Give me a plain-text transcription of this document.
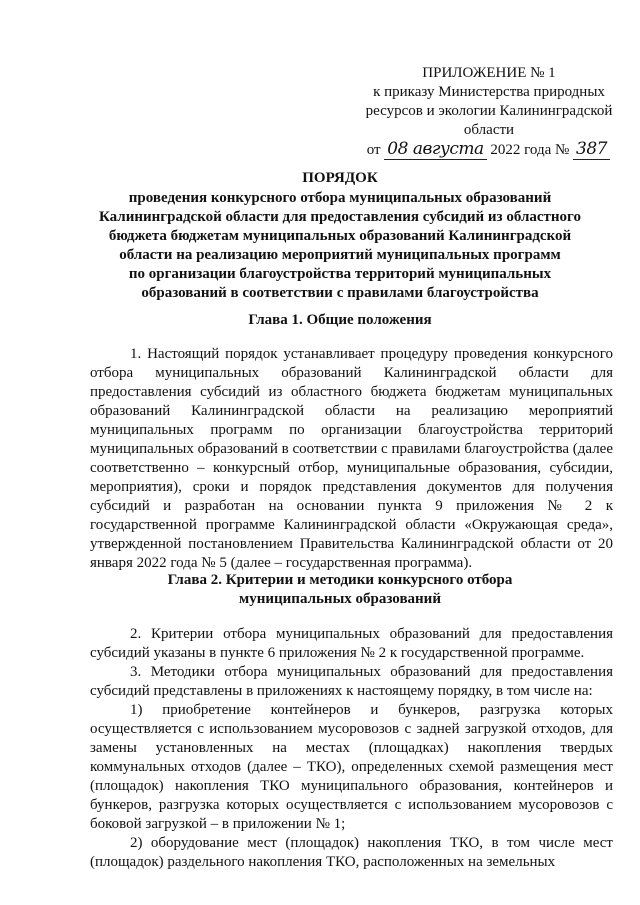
ПРИЛОЖЕНИЕ № 1
к приказу Министерства природных
ресурсов и экологии Калининградской
области
от 08 августа 2022 года № 387
ПОРЯДОК
проведения конкурсного отбора муниципальных образований
Калининградской области для предоставления субсидий из областного
бюджета бюджетам муниципальных образований Калининградской
области на реализацию мероприятий муниципальных программ
по организации благоустройства территорий муниципальных
образований в соответствии с правилами благоустройства
Глава 1. Общие положения

1. Настоящий порядок устанавливает процедуру проведения конкурсного отбора муниципальных образований Калининградской области для предоставления субсидий из областного бюджета бюджетам муниципальных образований Калининградской области на реализацию мероприятий муниципальных программ по организации благоустройства территорий муниципальных образований в соответствии с правилами благоустройства (далее соответственно – конкурсный отбор, муниципальные образования, субсидии, мероприятия), сроки и порядок представления документов для получения субсидий и разработан на основании пункта 9 приложения № 2 к государственной программе Калининградской области «Окружающая среда», утвержденной постановлением Правительства Калининградской области от 20 января 2022 года № 5 (далее – государственная программа).

Глава 2. Критерии и методики конкурсного отбора
муниципальных образований

2. Критерии отбора муниципальных образований для предоставления субсидий указаны в пункте 6 приложения № 2 к государственной программе.

3. Методики отбора муниципальных образований для предоставления субсидий представлены в приложениях к настоящему порядку, в том числе на:

1) приобретение контейнеров и бункеров, разгрузка которых осуществляется с использованием мусоровозов с задней загрузкой отходов, для замены установленных на местах (площадках) накопления твердых коммунальных отходов (далее – ТКО), определенных схемой размещения мест (площадок) накопления ТКО муниципального образования, контейнеров и бункеров, разгрузка которых осуществляется с использованием мусоровозов с боковой загрузкой – в приложении № 1;

2) оборудование мест (площадок) накопления ТКО, в том числе мест (площадок) раздельного накопления ТКО, расположенных на земельных
